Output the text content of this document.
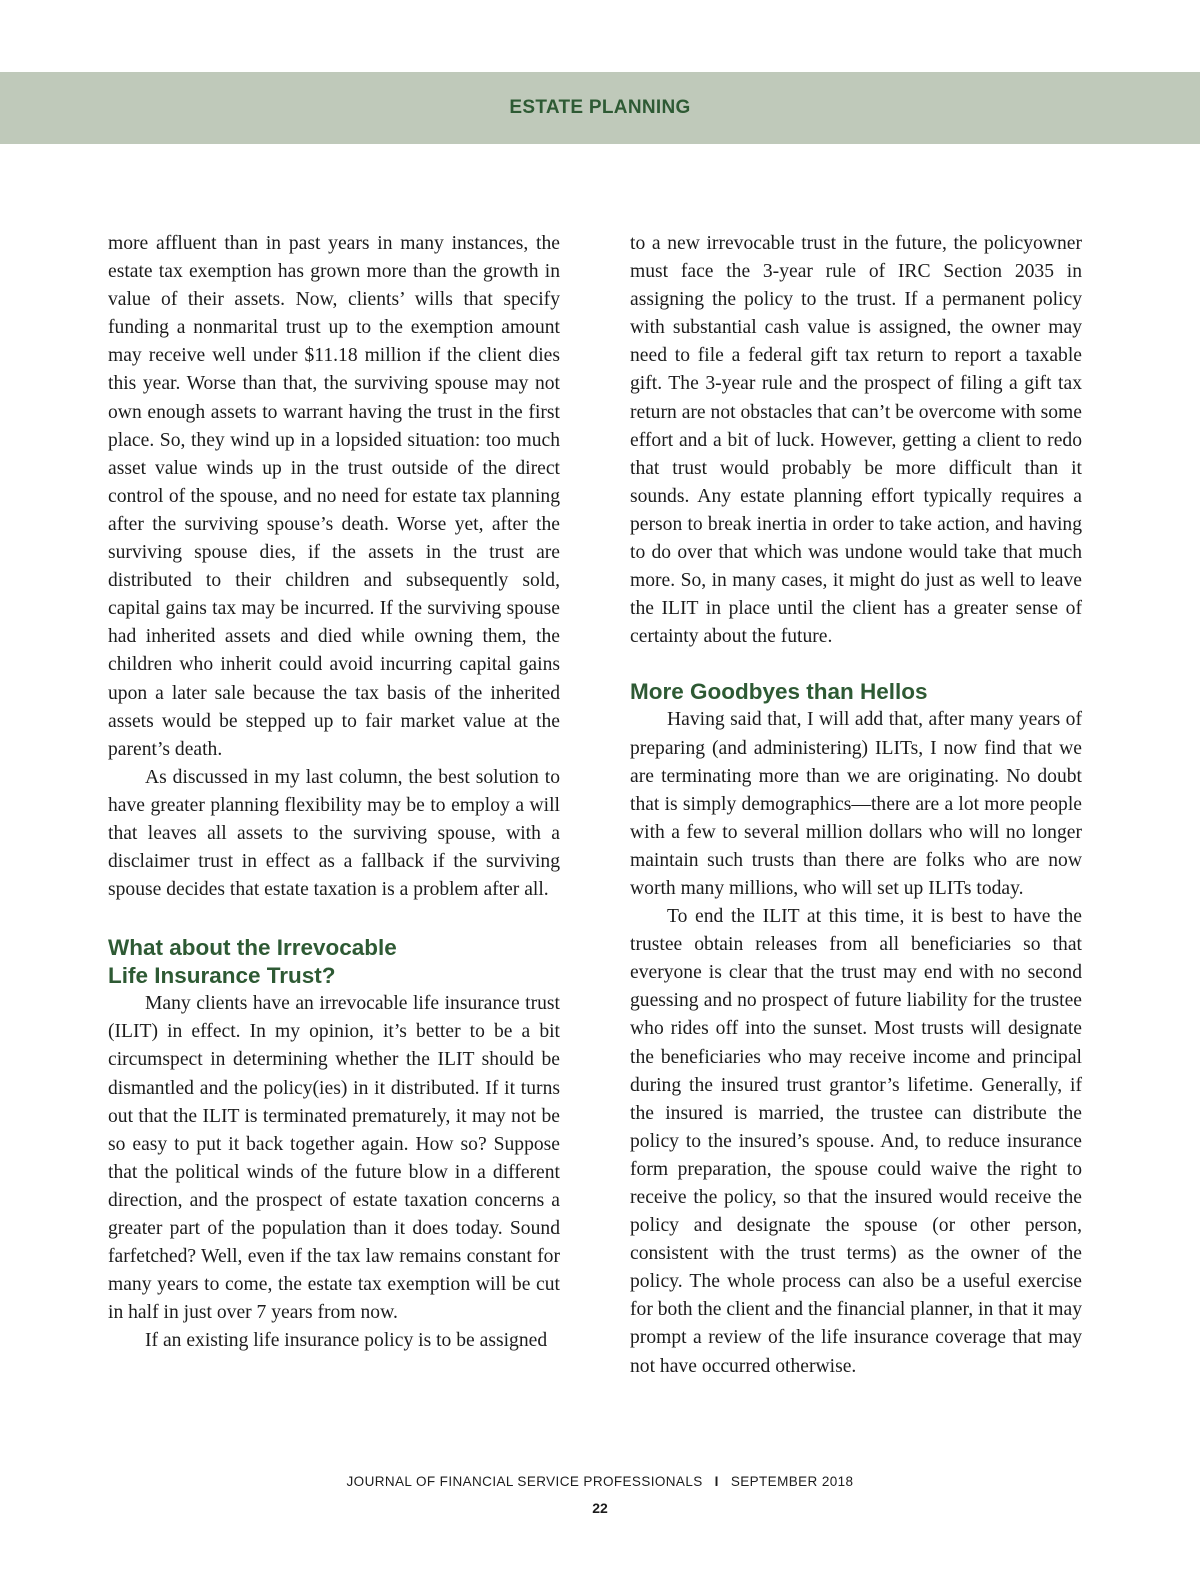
ESTATE PLANNING

more affluent than in past years in many instances, the estate tax exemption has grown more than the growth in value of their assets. Now, clients’ wills that specify funding a nonmarital trust up to the exemption amount may receive well under $11.18 million if the client dies this year. Worse than that, the surviving spouse may not own enough assets to warrant having the trust in the first place. So, they wind up in a lopsided situation: too much asset value winds up in the trust outside of the direct control of the spouse, and no need for estate tax planning after the surviving spouse’s death. Worse yet, after the surviving spouse dies, if the assets in the trust are distributed to their children and subsequently sold, capital gains tax may be incurred. If the surviving spouse had inherited assets and died while owning them, the children who inherit could avoid incurring capital gains upon a later sale because the tax basis of the inherited assets would be stepped up to fair market value at the parent’s death.

As discussed in my last column, the best solution to have greater planning flexibility may be to employ a will that leaves all assets to the surviving spouse, with a disclaimer trust in effect as a fallback if the surviving spouse decides that estate taxation is a problem after all.

What about the Irrevocable
Life Insurance Trust?

Many clients have an irrevocable life insurance trust (ILIT) in effect. In my opinion, it’s better to be a bit circumspect in determining whether the ILIT should be dismantled and the policy(ies) in it distributed. If it turns out that the ILIT is terminated prematurely, it may not be so easy to put it back together again. How so? Suppose that the political winds of the future blow in a different direction, and the prospect of estate taxation concerns a greater part of the population than it does today. Sound farfetched? Well, even if the tax law remains constant for many years to come, the estate tax exemption will be cut in half in just over 7 years from now.

If an existing life insurance policy is to be assigned

to a new irrevocable trust in the future, the policyowner must face the 3-year rule of IRC Section 2035 in assigning the policy to the trust. If a permanent policy with substantial cash value is assigned, the owner may need to file a federal gift tax return to report a taxable gift. The 3-year rule and the prospect of filing a gift tax return are not obstacles that can’t be overcome with some effort and a bit of luck. However, getting a client to redo that trust would probably be more difficult than it sounds. Any estate planning effort typically requires a person to break inertia in order to take action, and having to do over that which was undone would take that much more. So, in many cases, it might do just as well to leave the ILIT in place until the client has a greater sense of certainty about the future.

More Goodbyes than Hellos

Having said that, I will add that, after many years of preparing (and administering) ILITs, I now find that we are terminating more than we are originating. No doubt that is simply demographics—there are a lot more people with a few to several million dollars who will no longer maintain such trusts than there are folks who are now worth many millions, who will set up ILITs today.

To end the ILIT at this time, it is best to have the trustee obtain releases from all beneficiaries so that everyone is clear that the trust may end with no second guessing and no prospect of future liability for the trustee who rides off into the sunset. Most trusts will designate the beneficiaries who may receive income and principal during the insured trust grantor’s lifetime. Generally, if the insured is married, the trustee can distribute the policy to the insured’s spouse. And, to reduce insurance form preparation, the spouse could waive the right to receive the policy, so that the insured would receive the policy and designate the spouse (or other person, consistent with the trust terms) as the owner of the policy. The whole process can also be a useful exercise for both the client and the financial planner, in that it may prompt a review of the life insurance coverage that may not have occurred otherwise.

JOURNAL OF FINANCIAL SERVICE PROFESSIONALS I SEPTEMBER 2018
22
